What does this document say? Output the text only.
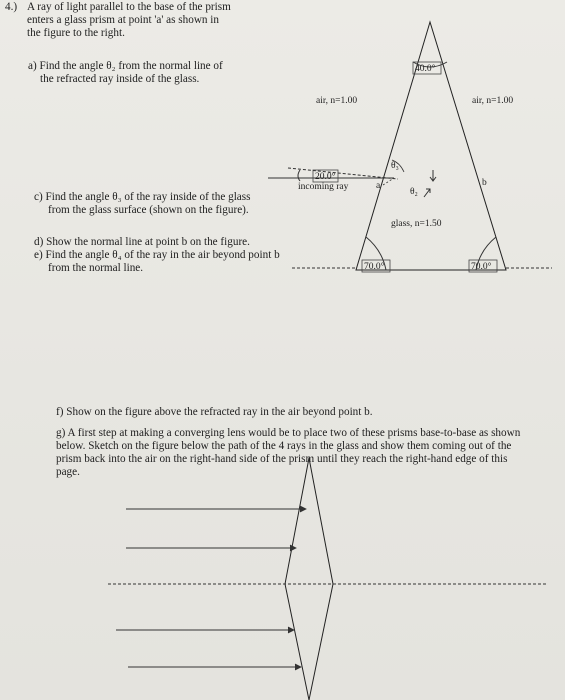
4.) A ray of light parallel to the base of the prism
enters a glass prism at point 'a' as shown in
the figure to the right.
a) Find the angle θ₂ from the normal line of
the refracted ray inside of the glass.
c) Find the angle θ₃ of the ray inside of the glass
from the glass surface (shown on the figure).
d) Show the normal line at point b on the figure.
e) Find the angle θ₄ of the ray in the air beyond point b
from the normal line.
f) Show on the figure above the refracted ray in the air beyond point b.
g) A first step at making a converging lens would be to place two of these prisms base-to-base as shown
below. Sketch on the figure below the path of the 4 rays in the glass and show them coming out of the
prism back into the air on the right-hand side of the prism until they reach the right-hand edge of this
page.
40.0°
air, n=1.00	air, n=1.00
20.0°
incoming ray	a	b
θ₃
θ₂
glass, n=1.50
70.0°	70.0°
